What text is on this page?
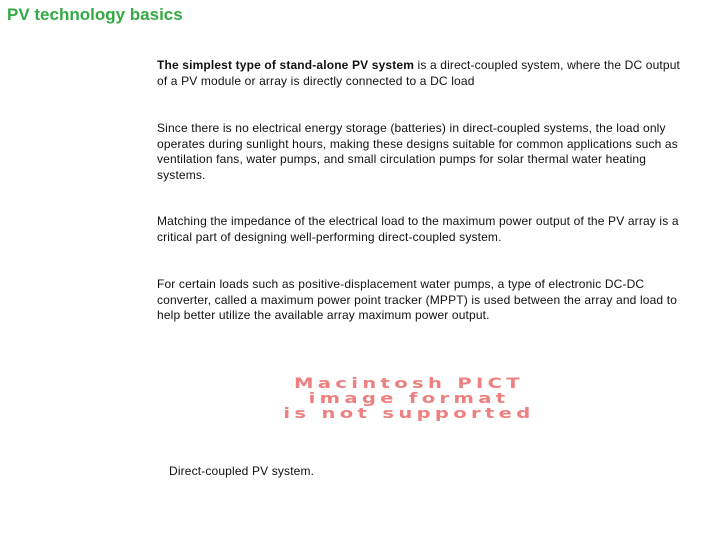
PV technology basics

The simplest type of stand-alone PV system is a direct-coupled system, where the DC output of a PV module or array is directly connected to a DC load

Since there is no electrical energy storage (batteries) in direct-coupled systems, the load only operates during sunlight hours, making these designs suitable for common applications such as ventilation fans, water pumps, and small circulation pumps for solar thermal water heating systems.

Matching the impedance of the electrical load to the maximum power output of the PV array is a critical part of designing well-performing direct-coupled system.

For certain loads such as positive-displacement water pumps, a type of electronic DC-DC converter, called a maximum power point tracker (MPPT) is used between the array and load to help better utilize the available array maximum power output.

Macintosh PICT
image format
is not supported

Direct-coupled PV system.
